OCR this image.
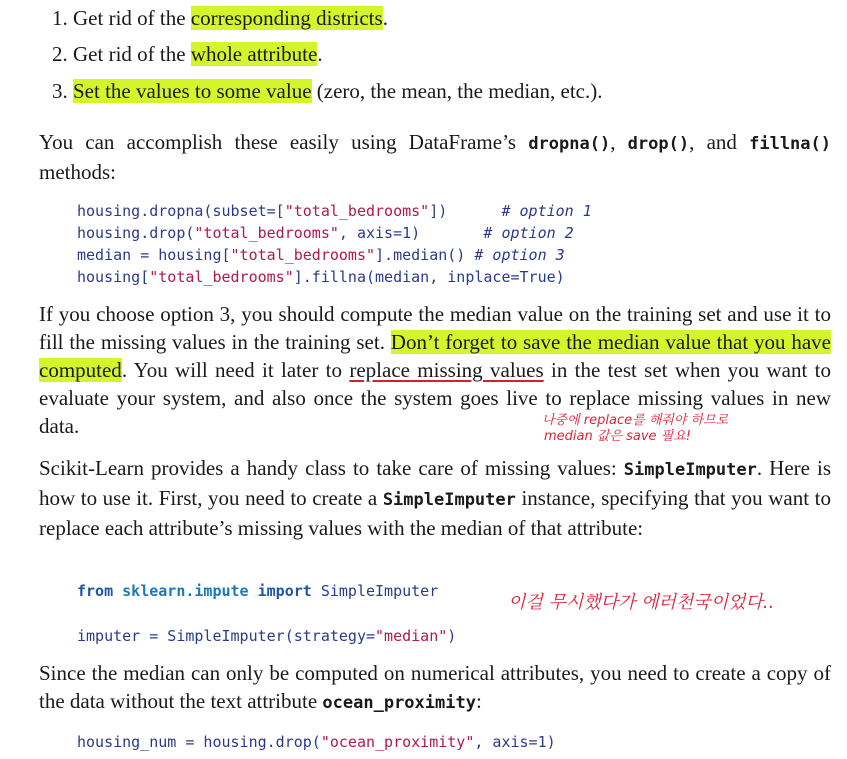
1. Get rid of the corresponding districts.
2. Get rid of the whole attribute.
3. Set the values to some value (zero, the mean, the median, etc.).
You can accomplish these easily using DataFrame’s dropna(), drop(), and fillna() methods:
housing.dropna(subset=["total_bedrooms"])      # option 1
housing.drop("total_bedrooms", axis=1)       # option 2
median = housing["total_bedrooms"].median() # option 3
housing["total_bedrooms"].fillna(median, inplace=True)
If you choose option 3, you should compute the median value on the training set and use it to fill the missing values in the training set. Don’t forget to save the median value that you have computed. You will need it later to replace missing values in the test set when you want to evaluate your system, and also once the system goes live to replace missing values in new data.	나중에 replace를 해줘야 하므로
median 값은 save 필요!
Scikit-Learn provides a handy class to take care of missing values: SimpleImputer. Here is how to use it. First, you need to create a SimpleImputer instance, specifying that you want to replace each attribute’s missing values with the median of that attribute:
from sklearn.impute import SimpleImputer
imputer = SimpleImputer(strategy="median")
이걸 무시했다가 에러천국이었다..
Since the median can only be computed on numerical attributes, you need to create a copy of the data without the text attribute ocean_proximity:
housing_num = housing.drop("ocean_proximity", axis=1)
